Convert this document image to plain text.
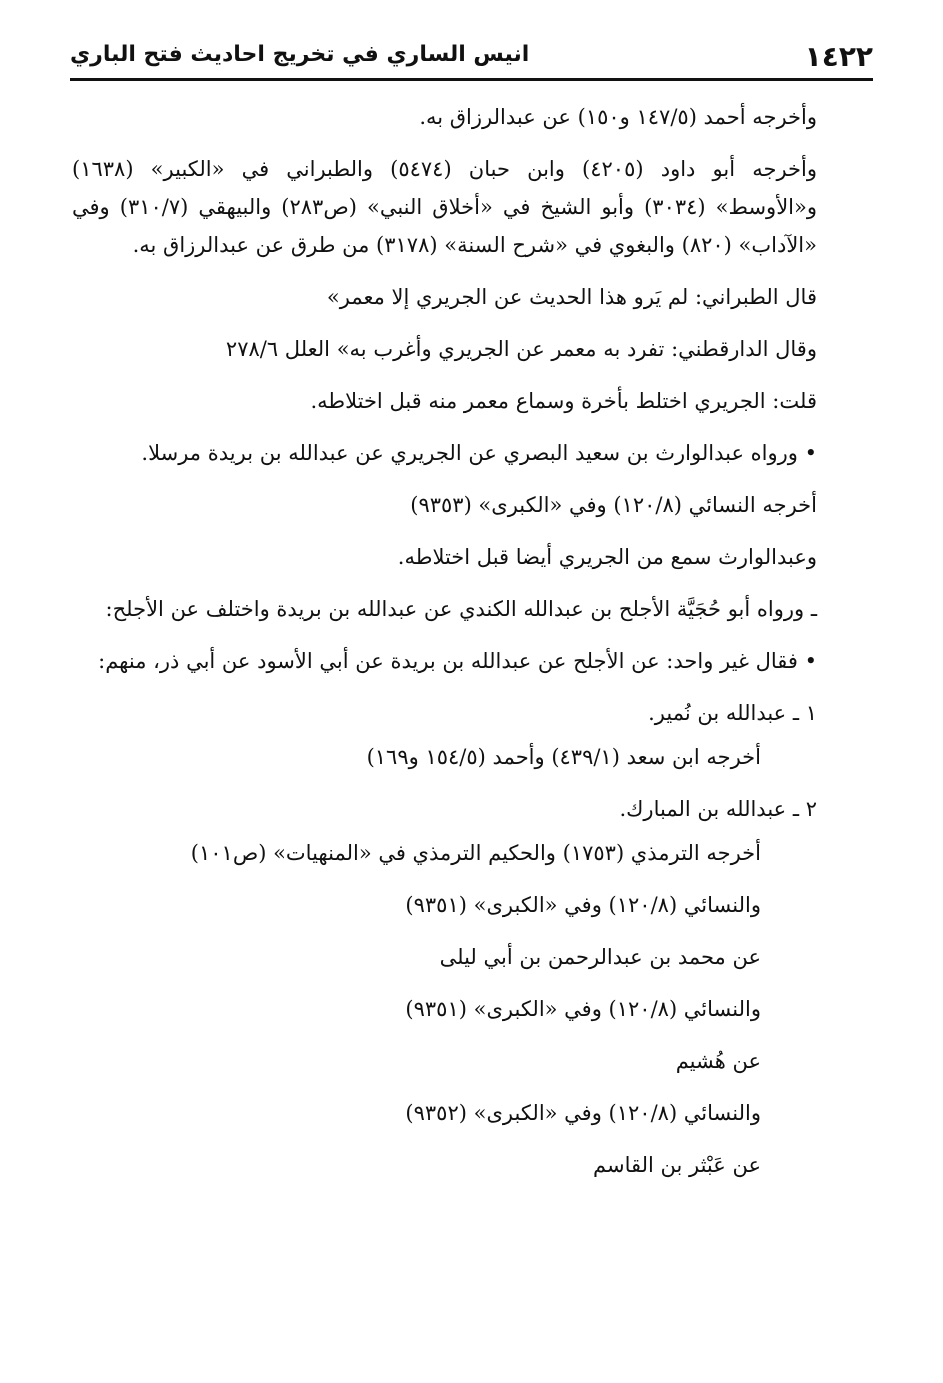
١٤٢٢
انيس الساري في تخريج احاديث فتح الباري

وأخرجه أحمد (١٤٧/٥ و١٥٠) عن عبدالرزاق به.

وأخرجه أبو داود (٤٢٠٥) وابن حبان (٥٤٧٤) والطبراني في «الكبير» (١٦٣٨) و«الأوسط» (٣٠٣٤) وأبو الشيخ في «أخلاق النبي» (ص٢٨٣) والبيهقي (٣١٠/٧) وفي «الآداب» (٨٢٠) والبغوي في «شرح السنة» (٣١٧٨) من طرق عن عبدالرزاق به.

قال الطبراني: لم يَرو هذا الحديث عن الجريري إلا معمر»

وقال الدارقطني: تفرد به معمر عن الجريري وأغرب به» العلل ٢٧٨/٦

قلت: الجريري اختلط بأخرة وسماع معمر منه قبل اختلاطه.

• ورواه عبدالوارث بن سعيد البصري عن الجريري عن عبدالله بن بريدة مرسلا.

أخرجه النسائي (١٢٠/٨) وفي «الكبرى» (٩٣٥٣)

وعبدالوارث سمع من الجريري أيضا قبل اختلاطه.

ـ ورواه أبو حُجَيَّة الأجلح بن عبدالله الكندي عن عبدالله بن بريدة واختلف عن الأجلح:

• فقال غير واحد: عن الأجلح عن عبدالله بن بريدة عن أبي الأسود عن أبي ذر، منهم:

١ ـ عبدالله بن نُمير.

أخرجه ابن سعد (٤٣٩/١) وأحمد (١٥٤/٥ و١٦٩)

٢ ـ عبدالله بن المبارك.

أخرجه الترمذي (١٧٥٣) والحكيم الترمذي في «المنهيات» (ص١٠١)

والنسائي (١٢٠/٨) وفي «الكبرى» (٩٣٥١)

عن محمد بن عبدالرحمن بن أبي ليلى

والنسائي (١٢٠/٨) وفي «الكبرى» (٩٣٥١)

عن هُشيم

والنسائي (١٢٠/٨) وفي «الكبرى» (٩٣٥٢)

عن عَبْثر بن القاسم
